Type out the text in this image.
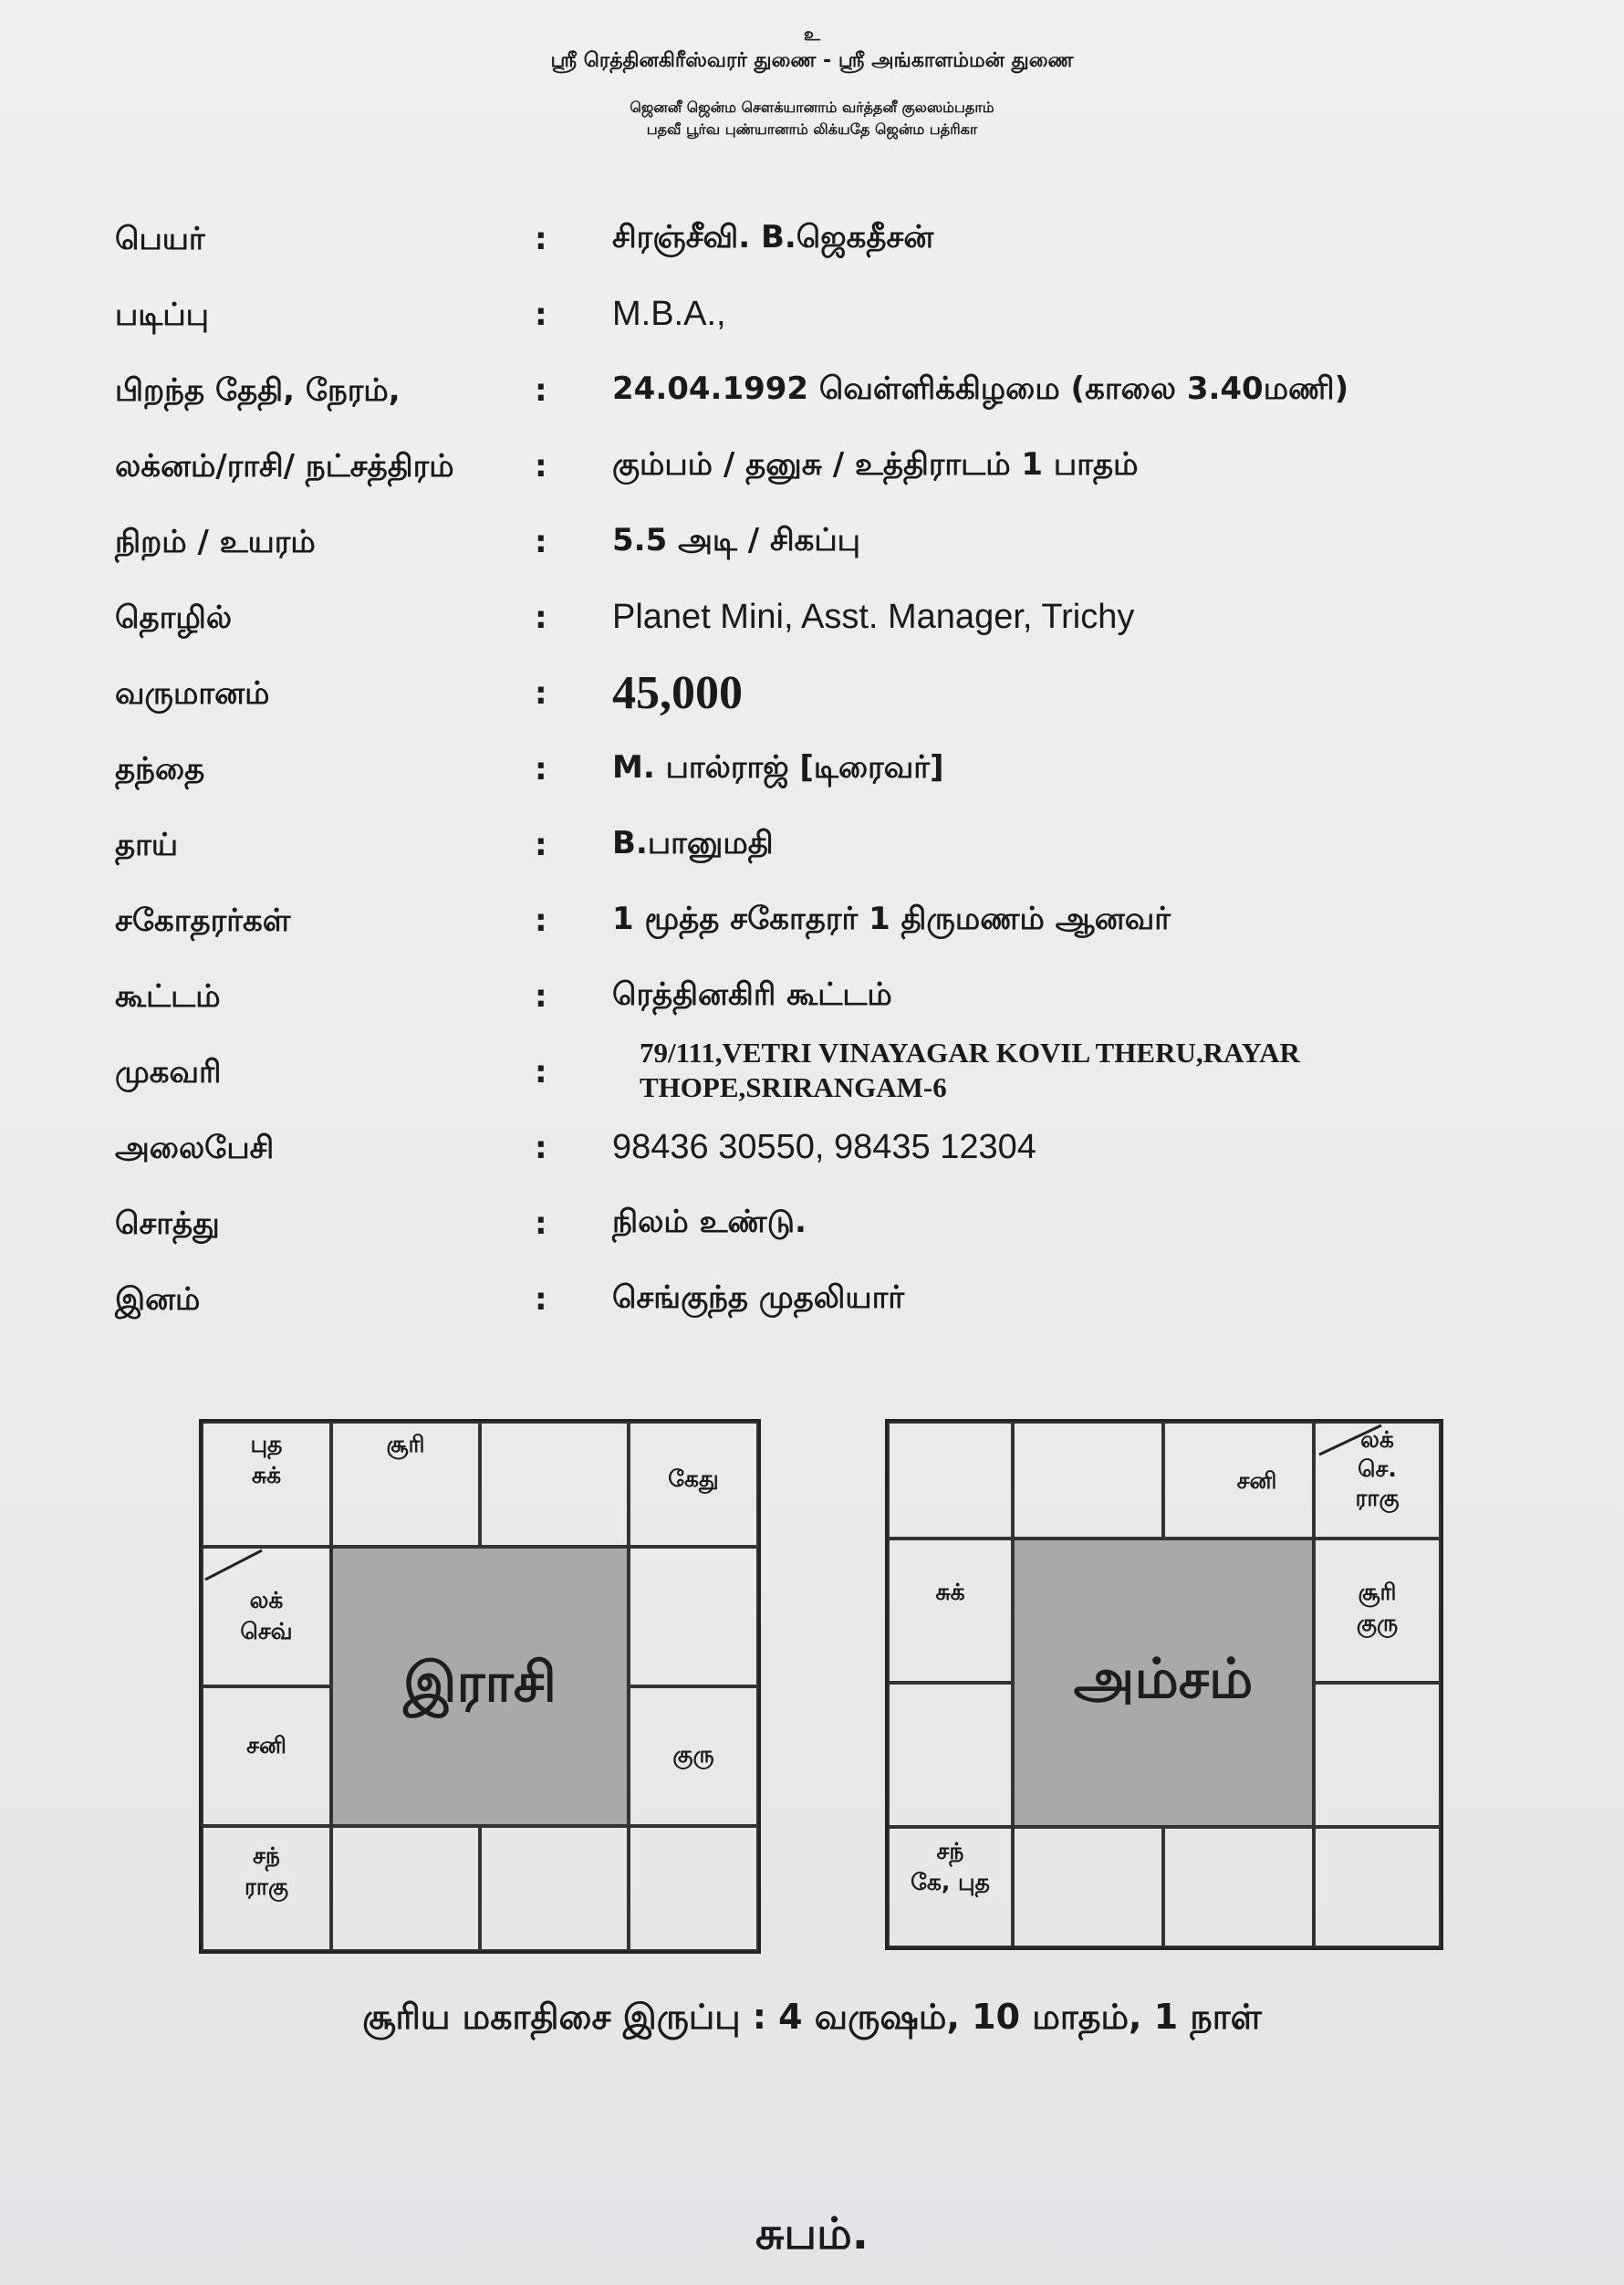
உ
ஸ்ரீ ரெத்தினகிரீஸ்வரர் துணை - ஸ்ரீ அங்காளம்மன் துணை
ஜெனனீ ஜென்ம சௌக்யானாம் வர்த்தனீ குலஸம்பதாம்
பதவீ பூர்வ புண்யானாம் லிக்யதே ஜென்ம பத்ரிகா
பெயர்	: சிரஞ்சீவி. B.ஜெகதீசன்
படிப்பு	: M.B.A.,
பிறந்த தேதி, நேரம்,	: 24.04.1992 வெள்ளிக்கிழமை (காலை 3.40மணி)
லக்னம்/ராசி/ நட்சத்திரம்	: கும்பம் / தனுசு / உத்திராடம் 1 பாதம்
நிறம் / உயரம்	: 5.5 அடி / சிகப்பு
தொழில்	: Planet Mini, Asst. Manager, Trichy
வருமானம்	: 45,000
தந்தை	: M. பால்ராஜ் [டிரைவர்]
தாய்	: B.பானுமதி
சகோதரர்கள்	: 1 மூத்த சகோதரர் 1 திருமணம் ஆனவர்
கூட்டம்	: ரெத்தினகிரி கூட்டம்
முகவரி	:
79/111,VETRI VINAYAGAR KOVIL THERU,RAYAR THOPE,SRIRANGAM-6
அலைபேசி	: 98436 30550, 98435 12304
சொத்து	: நிலம் உண்டு.
இனம்	: செங்குந்த முதலியார்
புத
சுக்
சூரி
கேது
லக்
செவ்
சனி	குரு
சந்
ராகு
இராசி
சனி
லக்
செ.
ராகு
சுக்	சூரி
குரு
சந்
கே, புத
அம்சம்
சூரிய மகாதிசை இருப்பு : 4 வருஷம், 10 மாதம், 1 நாள்
சுபம்.
